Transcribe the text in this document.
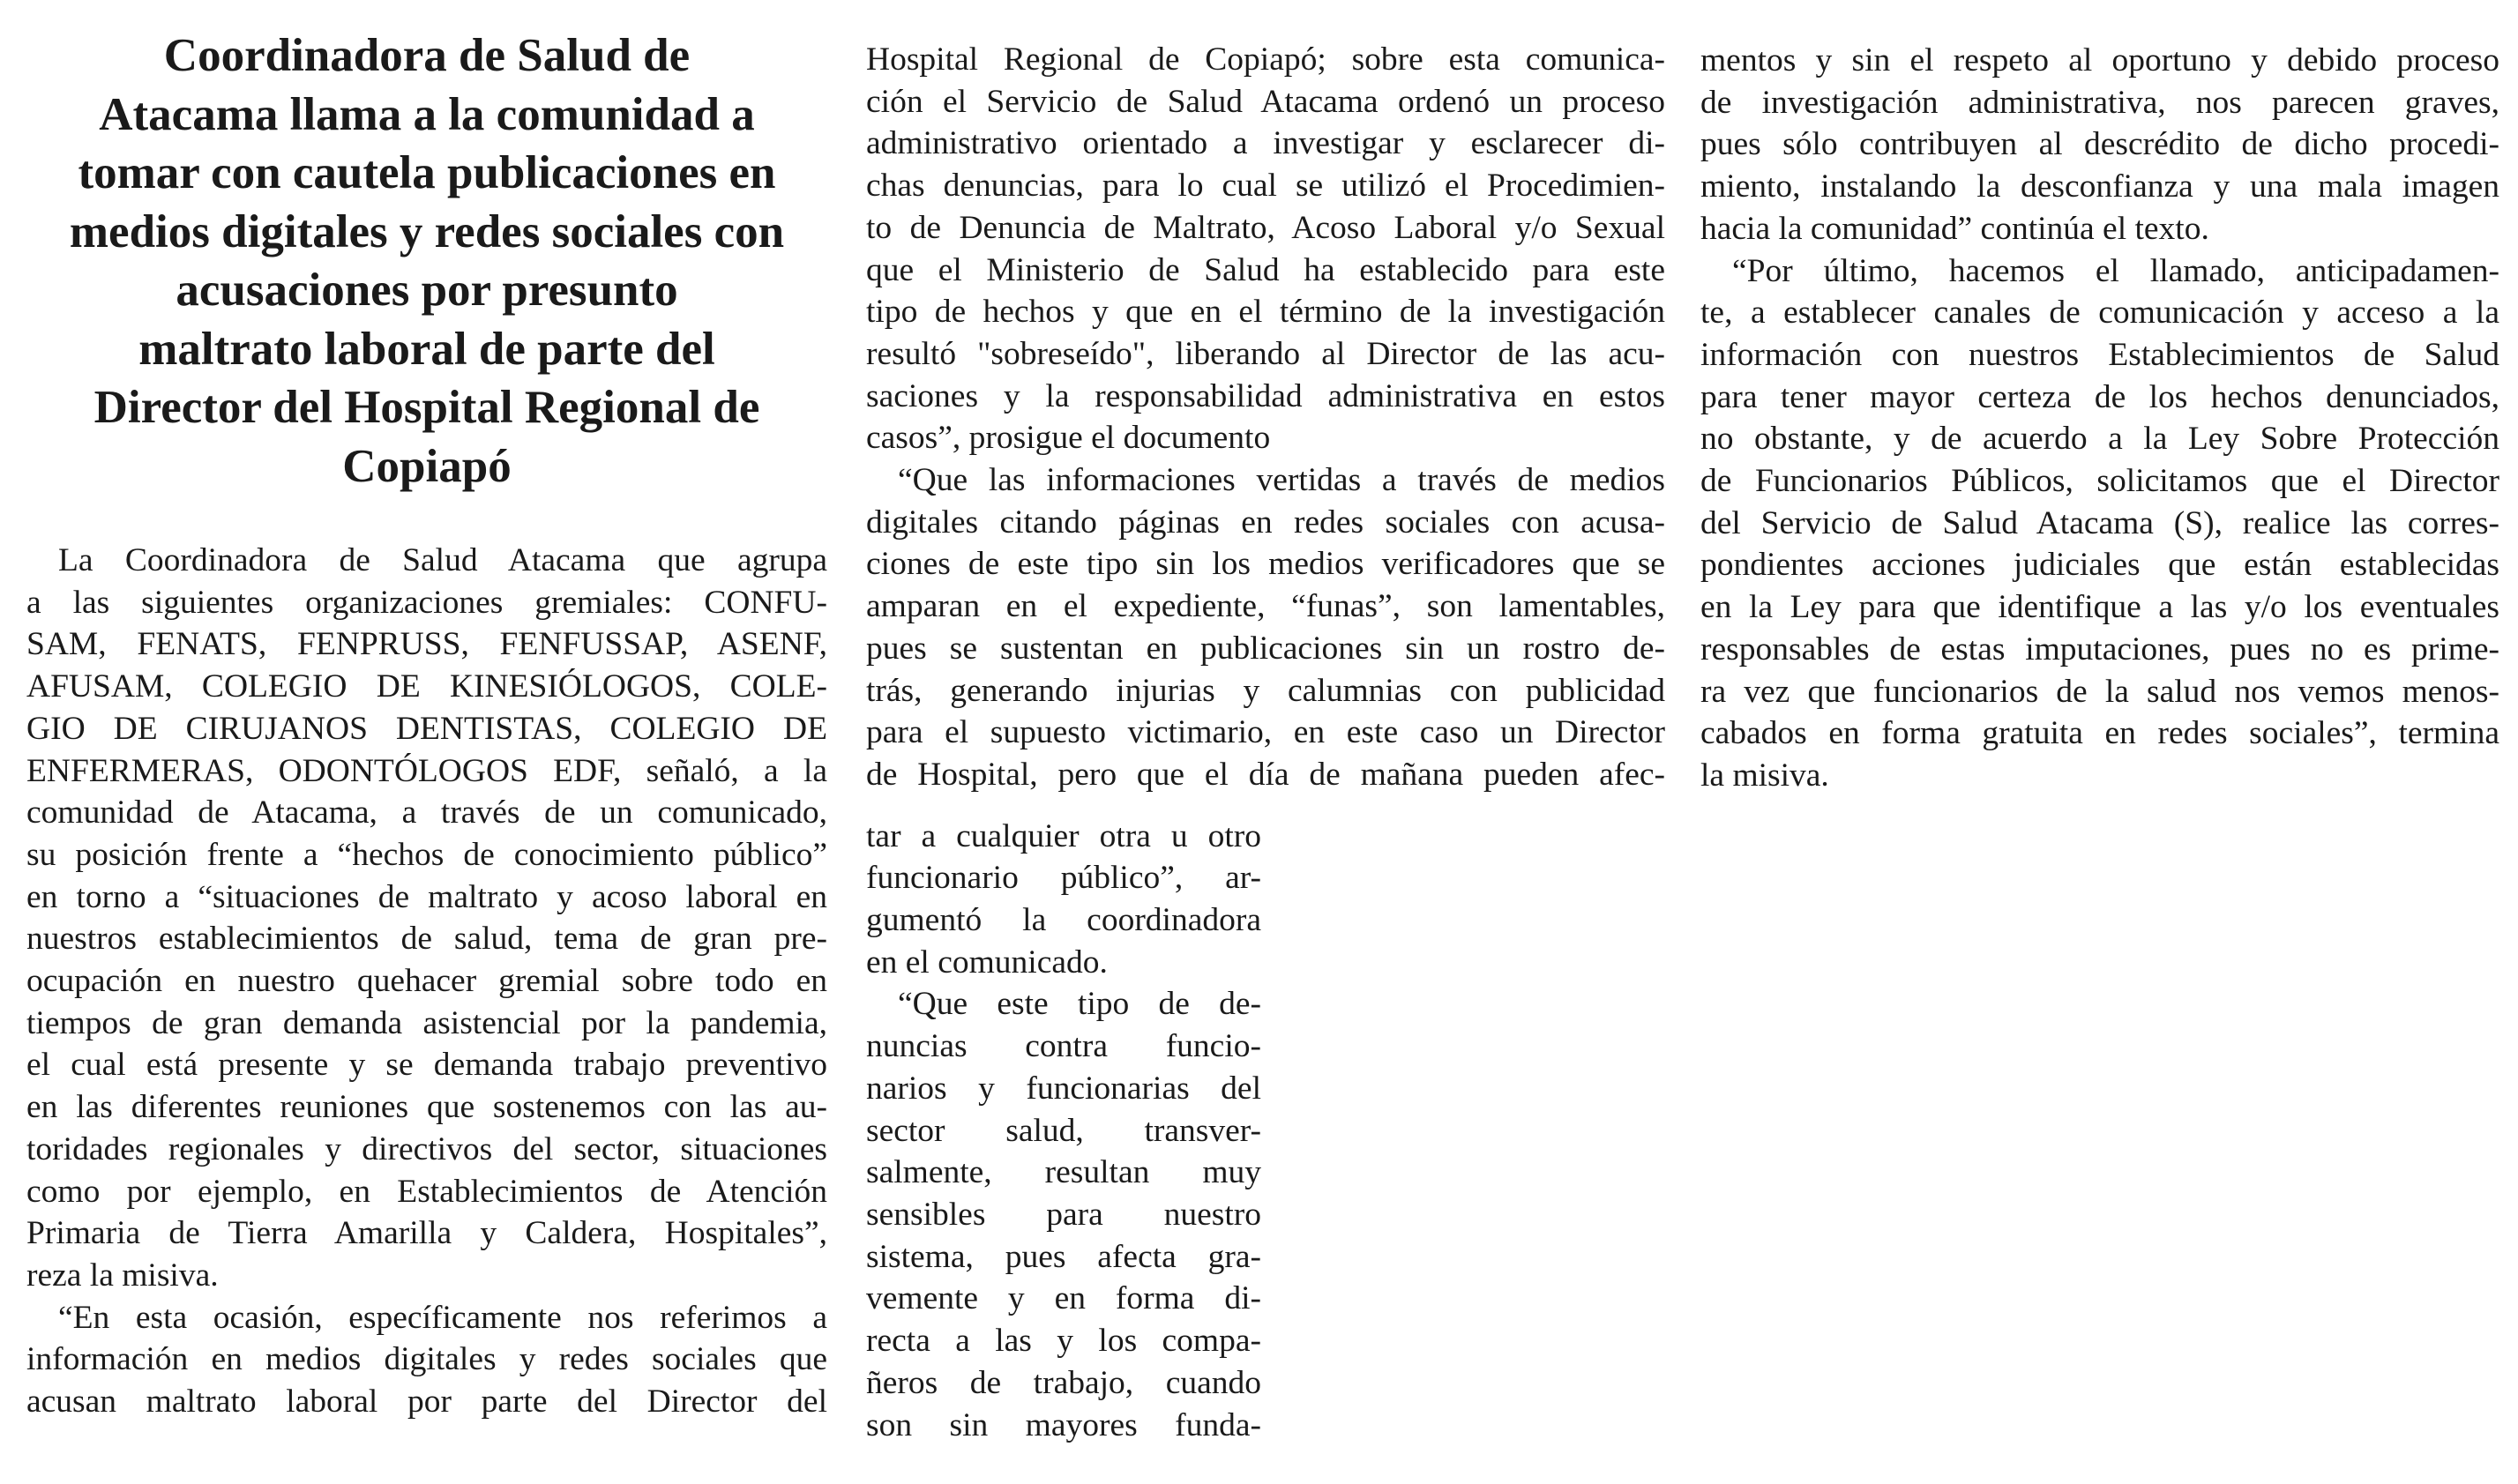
Coordinadora de Salud de
Atacama llama a la comunidad a
tomar con cautela publicaciones en
medios digitales y redes sociales con
acusaciones por presunto
maltrato laboral de parte del
Director del Hospital Regional de
Copiapó
La Coordinadora de Salud Atacama que agrupa
a las siguientes organizaciones gremiales: CONFU-
SAM, FENATS, FENPRUSS, FENFUSSAP, ASENF,
AFUSAM, COLEGIO DE KINESIÓLOGOS, COLE-
GIO DE CIRUJANOS DENTISTAS, COLEGIO DE
ENFERMERAS, ODONTÓLOGOS EDF, señaló, a la
comunidad de Atacama, a través de un comunicado,
su posición frente a “hechos de conocimiento público”
en torno a “situaciones de maltrato y acoso laboral en
nuestros establecimientos de salud, tema de gran pre-
ocupación en nuestro quehacer gremial sobre todo en
tiempos de gran demanda asistencial por la pandemia,
el cual está presente y se demanda trabajo preventivo
en las diferentes reuniones que sostenemos con las au-
toridades regionales y directivos del sector, situaciones
como por ejemplo, en Establecimientos de Atención
Primaria de Tierra Amarilla y Caldera, Hospitales”,
reza la misiva.
“En esta ocasión, específicamente nos referimos a
información en medios digitales y redes sociales que
acusan maltrato laboral por parte del Director del
Hospital Regional de Copiapó; sobre esta comunica-
ción el Servicio de Salud Atacama ordenó un proceso
administrativo orientado a investigar y esclarecer di-
chas denuncias, para lo cual se utilizó el Procedimien-
to de Denuncia de Maltrato, Acoso Laboral y/o Sexual
que el Ministerio de Salud ha establecido para este
tipo de hechos y que en el término de la investigación
resultó "sobreseído", liberando al Director de las acu-
saciones y la responsabilidad administrativa en estos
casos”, prosigue el documento
“Que las informaciones vertidas a través de medios
digitales citando páginas en redes sociales con acusa-
ciones de este tipo sin los medios verificadores que se
amparan en el expediente, “funas”, son lamentables,
pues se sustentan en publicaciones sin un rostro de-
trás, generando injurias y calumnias con publicidad
para el supuesto victimario, en este caso un Director
de Hospital, pero que el día de mañana pueden afec-
tar a cualquier otra u otro
funcionario público”, ar-
gumentó la coordinadora
en el comunicado.
“Que este tipo de de-
nuncias contra funcio-
narios y funcionarias del
sector salud, transver-
salmente, resultan muy
sensibles para nuestro
sistema, pues afecta gra-
vemente y en forma di-
recta a las y los compa-
ñeros de trabajo, cuando
son sin mayores funda-
mentos y sin el respeto al oportuno y debido proceso
de investigación administrativa, nos parecen graves,
pues sólo contribuyen al descrédito de dicho procedi-
miento, instalando la desconfianza y una mala imagen
hacia la comunidad” continúa el texto.
“Por último, hacemos el llamado, anticipadamen-
te, a establecer canales de comunicación y acceso a la
información con nuestros Establecimientos de Salud
para tener mayor certeza de los hechos denunciados,
no obstante, y de acuerdo a la Ley Sobre Protección
de Funcionarios Públicos, solicitamos que el Director
del Servicio de Salud Atacama (S), realice las corres-
pondientes acciones judiciales que están establecidas
en la Ley para que identifique a las y/o los eventuales
responsables de estas imputaciones, pues no es prime-
ra vez que funcionarios de la salud nos vemos menos-
cabados en forma gratuita en redes sociales”, termina
la misiva.
